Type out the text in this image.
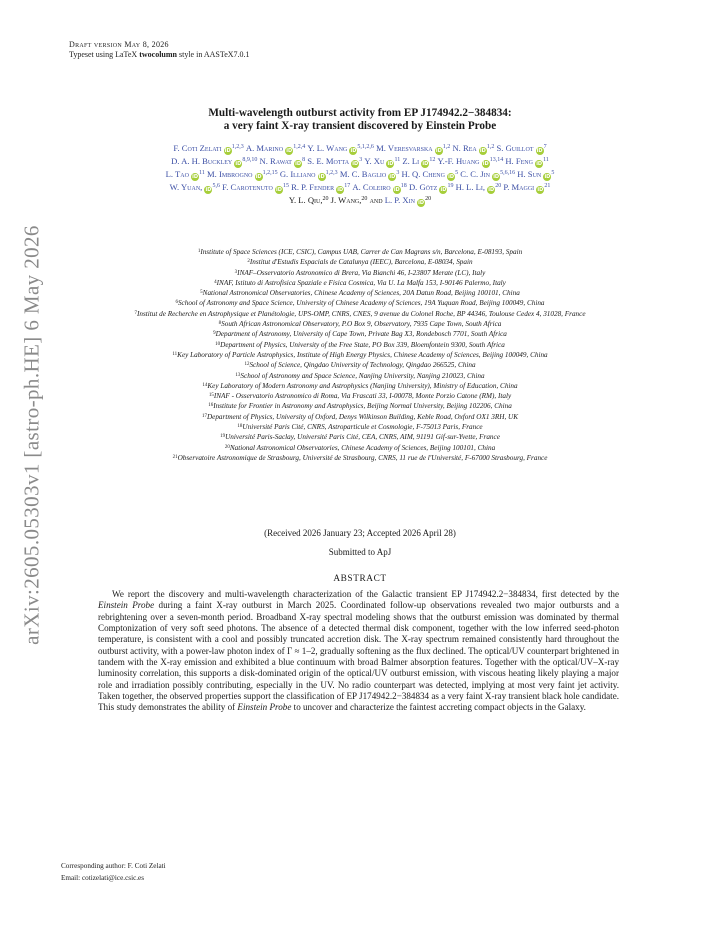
arXiv:2605.05303v1 [astro-ph.HE] 6 May 2026
Draft version May 8, 2026
Typeset using LaTeX twocolumn style in AASTeX7.0.1
Multi-wavelength outburst activity from EP J174942.2−384834:
a very faint X-ray transient discovered by Einstein Probe
F. Coti Zelati iD$^{1,2,3}$ A. Marino iD$^{1,2,4}$ Y. L. Wang iD$^{5,1,2,6}$ M. Veresvarska iD$^{1,2}$ N. Rea iD$^{1,2}$ S. Guillot $iD^7$
D. A. H. Buckley iD$^{8,9,10}$ N. Rawat $iD^8$ S. E. Motta $iD^3$ Y. Xu $iD^{11}$ Z. Li $iD^{12}$ Y.-F. Huang iD$^{13,14}$ H. Feng $iD^{11}$
L. Tao $iD^{11}$ M. Imbrogno iD$^{1,2,15}$ G. Illiano iD$^{1,2,3}$ M. C. Baglio $iD^3$ H. Q. Cheng $iD^5$ C. C. Jin iD$^{5,6,16}$ H. Sun $iD^5$
W. Yuan, iD$^{5,6}$ F. Carotenuto $iD^{15}$ R. P. Fender $iD^{17}$ A. Coleiro $iD^{18}$ D. Götz $iD^{19}$ H. L. Li, $iD^{20}$ P. Maggi $iD^{21}$
Y. L. Qiu,$^{20}$ J. Wang,$^{20}$ and L. P. Xin $iD^{20}$
$^1$Institute of Space Sciences (ICE, CSIC), Campus UAB, Carrer de Can Magrans s/n, Barcelona, E-08193, Spain
$^2$Institut d'Estudis Espacials de Catalunya (IEEC), Barcelona, E-08034, Spain
$^3$INAF–Osservatorio Astronomico di Brera, Via Bianchi 46, I-23807 Merate (LC), Italy
$^4$INAF, Istituto di Astrofisica Spaziale e Fisica Cosmica, Via U. La Malfa 153, I-90146 Palermo, Italy
$^5$National Astronomical Observatories, Chinese Academy of Sciences, 20A Datun Road, Beijing 100101, China
$^6$School of Astronomy and Space Science, University of Chinese Academy of Sciences, 19A Yuquan Road, Beijing 100049, China
$^7$Institut de Recherche en Astrophysique et Planétologie, UPS-OMP, CNRS, CNES, 9 avenue du Colonel Roche, BP 44346, Toulouse Cedex 4, 31028, France
$^8$South African Astronomical Observatory, P.O Box 9, Observatory, 7935 Cape Town, South Africa
$^9$Department of Astronomy, University of Cape Town, Private Bag X3, Rondebosch 7701, South Africa
$^{10}$Department of Physics, University of the Free State, PO Box 339, Bloemfontein 9300, South Africa
$^{11}$Key Laboratory of Particle Astrophysics, Institute of High Energy Physics, Chinese Academy of Sciences, Beijing 100049, China
$^{12}$School of Science, Qingdao University of Technology, Qingdao 266525, China
$^{13}$School of Astronomy and Space Science, Nanjing University, Nanjing 210023, China
$^{14}$Key Laboratory of Modern Astronomy and Astrophysics (Nanjing University), Ministry of Education, China
$^{15}$INAF - Osservatorio Astronomico di Roma, Via Frascati 33, I-00078, Monte Porzio Catone (RM), Italy
$^{16}$Institute for Frontier in Astronomy and Astrophysics, Beijing Normal University, Beijing 102206, China
$^{17}$Department of Physics, University of Oxford, Denys Wilkinson Building, Keble Road, Oxford OX1 3RH, UK
$^{18}$Université Paris Cité, CNRS, Astroparticule et Cosmologie, F-75013 Paris, France
$^{19}$Université Paris-Saclay, Université Paris Cité, CEA, CNRS, AIM, 91191 Gif-sur-Yvette, France
$^{20}$National Astronomical Observatories, Chinese Academy of Sciences, Beijing 100101, China
$^{21}$Observatoire Astronomique de Strasbourg, Université de Strasbourg, CNRS, 11 rue de l'Université, F-67000 Strasbourg, France
(Received 2026 January 23; Accepted 2026 April 28)
Submitted to ApJ
ABSTRACT
We report the discovery and multi-wavelength characterization of the Galactic transient EP J174942.2−384834, first detected by the Einstein Probe during a faint X-ray outburst in March 2025. Coordinated follow-up observations revealed two major outbursts and a rebrightening over a seven-month period. Broadband X-ray spectral modeling shows that the outburst emission was dominated by thermal Comptonization of very soft seed photons. The absence of a detected thermal disk component, together with the low inferred seed-photon temperature, is consistent with a cool and possibly truncated accretion disk. The X-ray spectrum remained consistently hard throughout the outburst activity, with a power-law photon index of Γ ≈ 1–2, gradually softening as the flux declined. The optical/UV counterpart brightened in tandem with the X-ray emission and exhibited a blue continuum with broad Balmer absorption features. Together with the optical/UV–X-ray luminosity correlation, this supports a disk-dominated origin of the optical/UV outburst emission, with viscous heating likely playing a major role and irradiation possibly contributing, especially in the UV. No radio counterpart was detected, implying at most very faint jet activity. Taken together, the observed properties support the classification of EP J174942.2−384834 as a very faint X-ray transient black hole candidate. This study demonstrates the ability of Einstein Probe to uncover and characterize the faintest accreting compact objects in the Galaxy.
Corresponding author: F. Coti Zelati
Email: cotizelati@ice.csic.es
